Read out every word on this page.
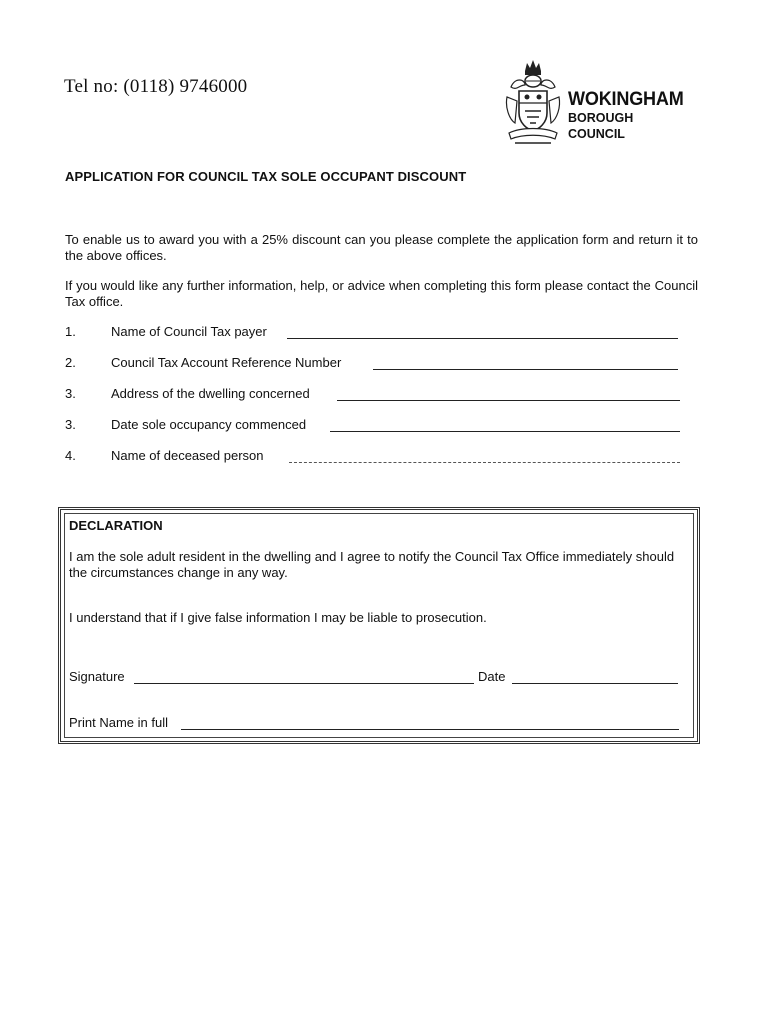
Tel no: (0118) 9746000
WOKINGHAM
BOROUGH COUNCIL
APPLICATION FOR COUNCIL TAX SOLE OCCUPANT DISCOUNT
To enable us to award you with a 25% discount can you please complete the application form and return it to the above offices.
If you would like any further information, help, or advice when completing this form please contact the Council Tax office.
1.	Name of Council Tax payer
2.	Council Tax Account Reference Number
3.	Address of the dwelling concerned
3.	Date sole occupancy commenced
4.	Name of deceased person
DECLARATION
I am the sole adult resident in the dwelling and I agree to notify the Council Tax Office immediately should the circumstances change in any way.
I understand that if I give false information I may be liable to prosecution.
Signature	Date
Print Name in full
